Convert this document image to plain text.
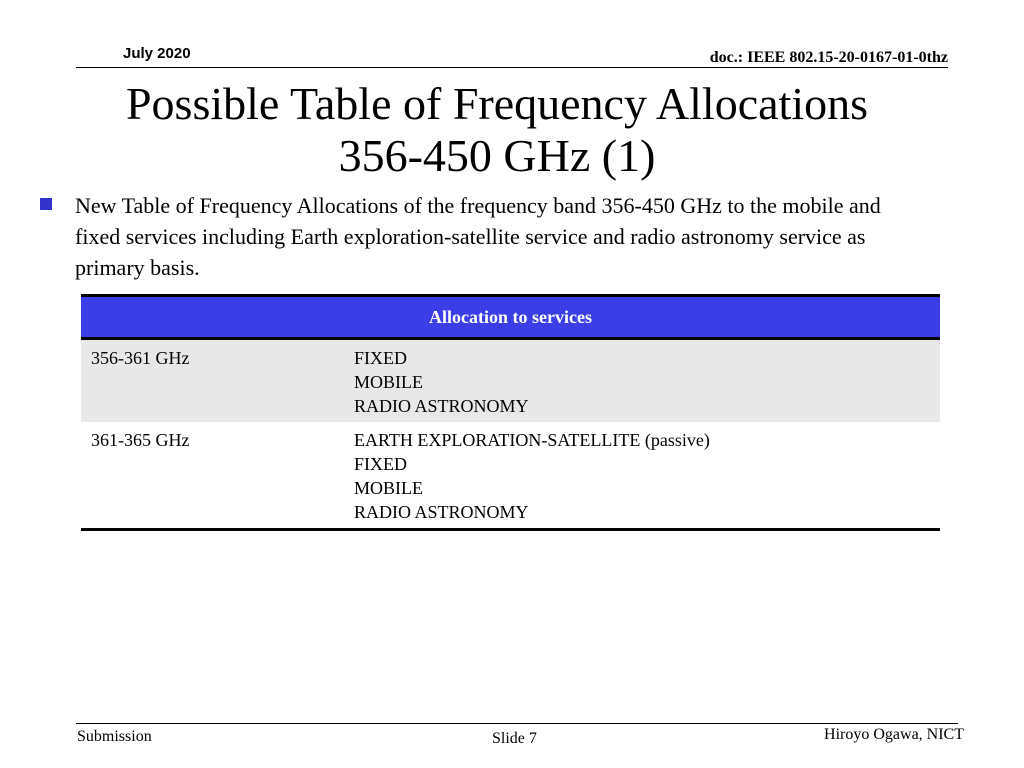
July 2020	doc.: IEEE 802.15-20-0167-01-0thz
Possible Table of Frequency Allocations
356-450 GHz (1)
New Table of Frequency Allocations of the frequency band 356-450 GHz to the mobile and fixed services including Earth exploration-satellite service and radio astronomy service as primary basis.
Allocation to services	
356-361 GHz	FIXED
MOBILE
RADIO ASTRONOMY

361-365 GHz	EARTH EXPLORATION-SATELLITE (passive)
FIXED
MOBILE
RADIO ASTRONOMY
Submission	Slide 7	Hiroyo Ogawa, NICT
